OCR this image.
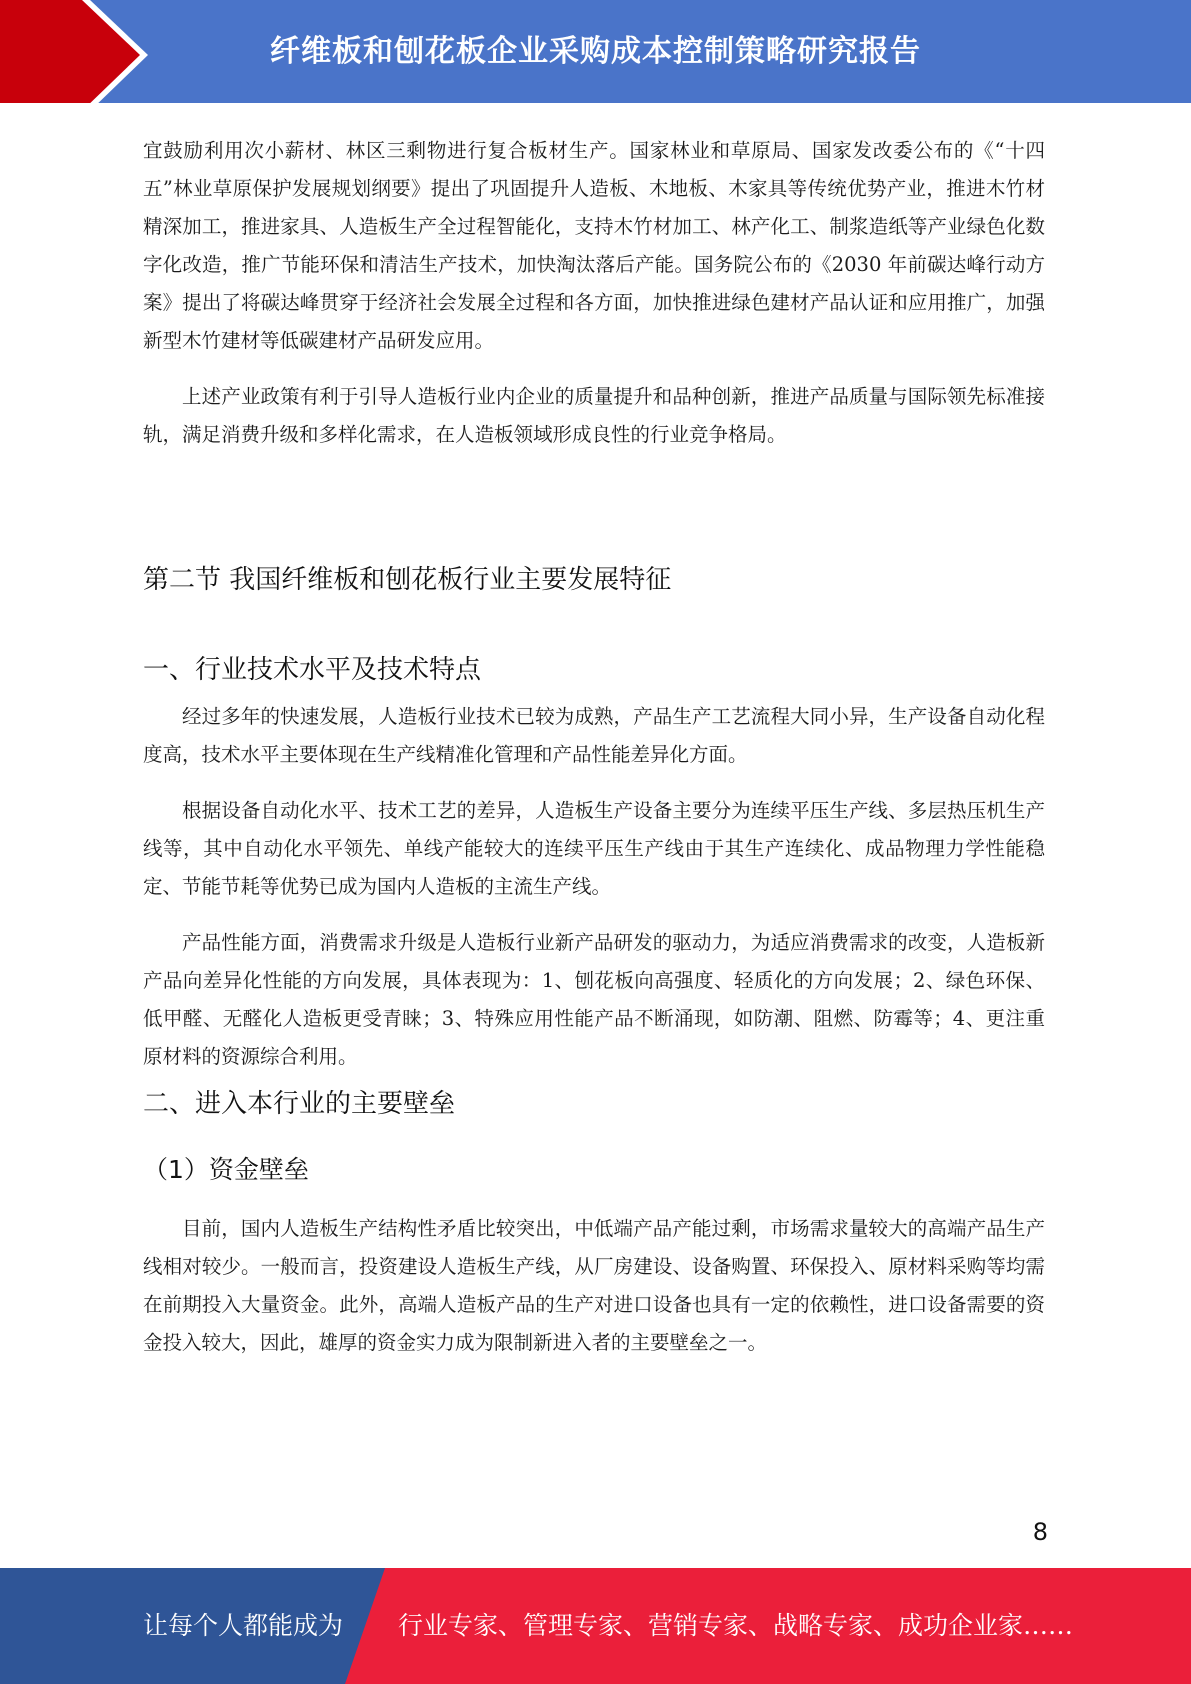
纤维板和刨花板企业采购成本控制策略研究报告

宜鼓励利用次小薪材、林区三剩物进行复合板材生产。国家林业和草原局、国家发改委公布的《“十四五”林业草原保护发展规划纲要》提出了巩固提升人造板、木地板、木家具等传统优势产业，推进木竹材精深加工，推进家具、人造板生产全过程智能化，支持木竹材加工、林产化工、制浆造纸等产业绿色化数字化改造，推广节能环保和清洁生产技术，加快淘汰落后产能。国务院公布的《2030 年前碳达峰行动方案》提出了将碳达峰贯穿于经济社会发展全过程和各方面，加快推进绿色建材产品认证和应用推广，加强新型木竹建材等低碳建材产品研发应用。

上述产业政策有利于引导人造板行业内企业的质量提升和品种创新，推进产品质量与国际领先标准接轨，满足消费升级和多样化需求，在人造板领域形成良性的行业竞争格局。

第二节 我国纤维板和刨花板行业主要发展特征
一、行业技术水平及技术特点

经过多年的快速发展，人造板行业技术已较为成熟，产品生产工艺流程大同小异，生产设备自动化程度高，技术水平主要体现在生产线精准化管理和产品性能差异化方面。

根据设备自动化水平、技术工艺的差异，人造板生产设备主要分为连续平压生产线、多层热压机生产线等，其中自动化水平领先、单线产能较大的连续平压生产线由于其生产连续化、成品物理力学性能稳定、节能节耗等优势已成为国内人造板的主流生产线。

产品性能方面，消费需求升级是人造板行业新产品研发的驱动力，为适应消费需求的改变，人造板新产品向差异化性能的方向发展，具体表现为：1、刨花板向高强度、轻质化的方向发展；2、绿色环保、低甲醛、无醛化人造板更受青睐；3、特殊应用性能产品不断涌现，如防潮、阻燃、防霉等；4、更注重原材料的资源综合利用。

二、进入本行业的主要壁垒
（1）资金壁垒

目前，国内人造板生产结构性矛盾比较突出，中低端产品产能过剩，市场需求量较大的高端产品生产线相对较少。一般而言，投资建设人造板生产线，从厂房建设、设备购置、环保投入、原材料采购等均需在前期投入大量资金。此外，高端人造板产品的生产对进口设备也具有一定的依赖性，进口设备需要的资金投入较大，因此，雄厚的资金实力成为限制新进入者的主要壁垒之一。

8
让每个人都能成为 行业专家、管理专家、营销专家、战略专家、成功企业家……
